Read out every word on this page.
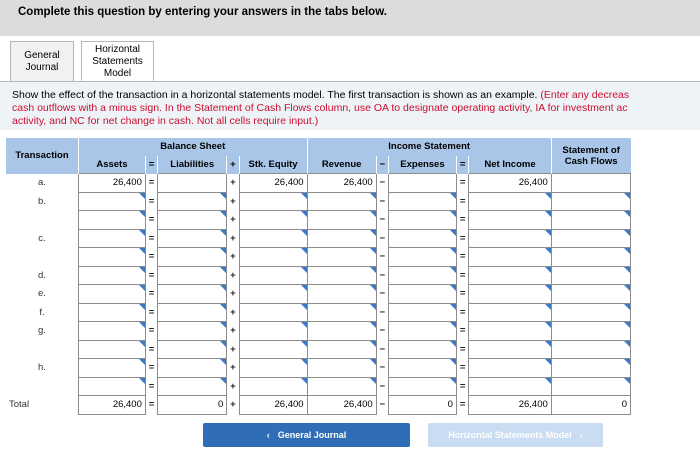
Complete this question by entering your answers in the tabs below.
General Journal
Horizontal Statements Model
Show the effect of the transaction in a horizontal statements model. The first transaction is shown as an example. (Enter any decreas
cash outflows with a minus sign. In the Statement of Cash Flows column, use OA to designate operating activity, IA for investment ac
activity, and NC for net change in cash. Not all cells require input.)
Transaction	Balance Sheet					Income Statement					Statement of Cash Flows
	Assets	=	Liabilities	+	Stk. Equity	Revenue	−	Expenses	=	Net Income	
a.	26,400	=		+	26,400	26,400	−		=	26,400	

b.		=		+			−		=	

	=		+			−		=	

c.		=		+			−		=	

	=		+			−		=	

d.		=		+			−		=	

e.		=		+			−		=	

f.		=		+			−		=	

g.		=		+			−		=	

	=		+			−		=	

h.		=		+			−		=	

	=		+			−		=	

Total	26,400	=	0	+	26,400	26,400	−	0	=	26,400	0
‹ General Journal	Horizontal Statements Model ›
